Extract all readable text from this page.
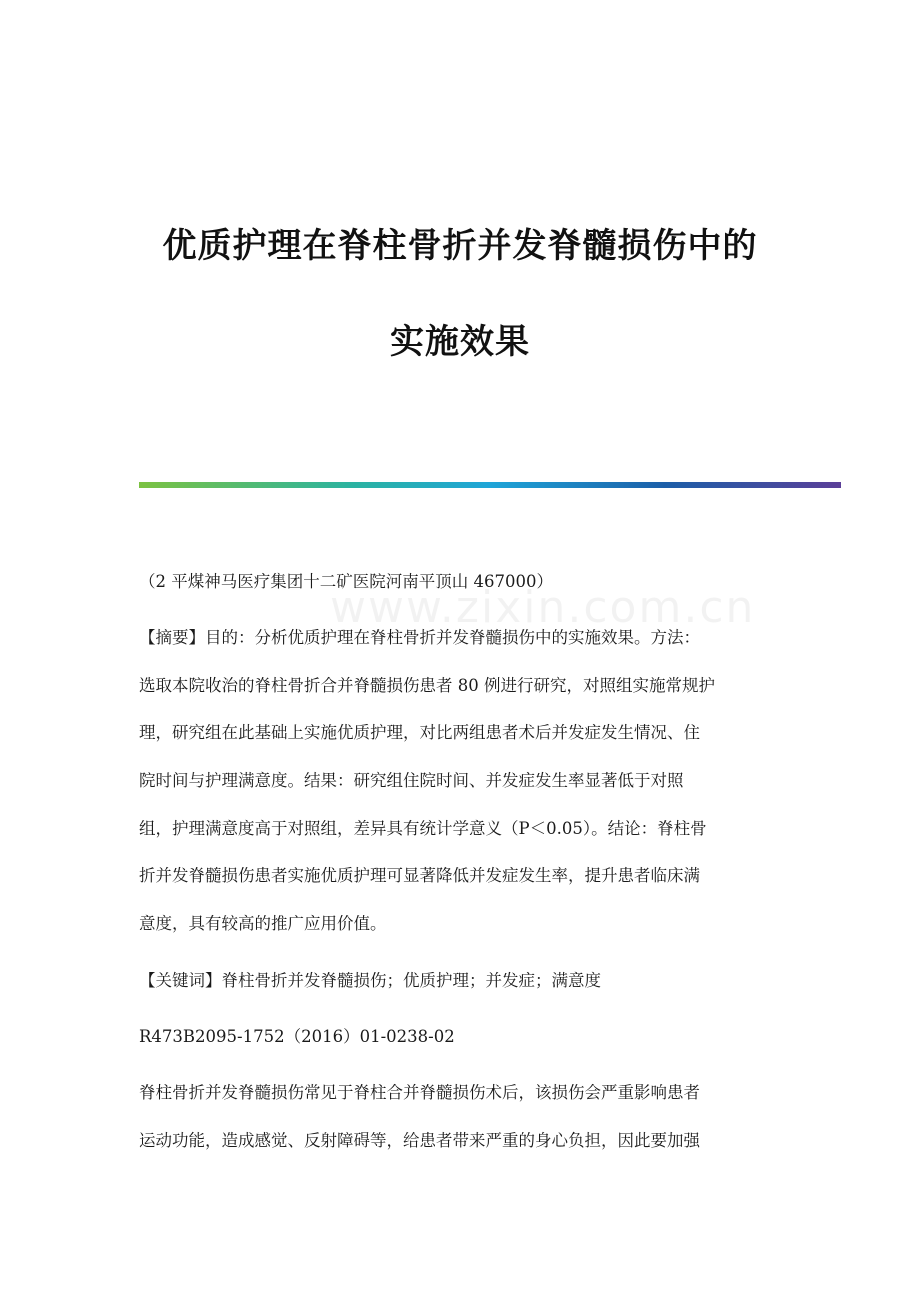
优质护理在脊柱骨折并发脊髓损伤中的
实施效果
www.zixin.com.cn
（2 平煤神马医疗集团十二矿医院河南平顶山 467000）
【摘要】目的：分析优质护理在脊柱骨折并发脊髓损伤中的实施效果。方法：
选取本院收治的脊柱骨折合并脊髓损伤患者 80 例进行研究，对照组实施常规护
理，研究组在此基础上实施优质护理，对比两组患者术后并发症发生情况、住
院时间与护理满意度。结果：研究组住院时间、并发症发生率显著低于对照
组，护理满意度高于对照组，差异具有统计学意义（P＜0.05）。结论：脊柱骨
折并发脊髓损伤患者实施优质护理可显著降低并发症发生率，提升患者临床满
意度，具有较高的推广应用价值。
【关键词】脊柱骨折并发脊髓损伤；优质护理；并发症；满意度
R473B2095-1752（2016）01-0238-02
脊柱骨折并发脊髓损伤常见于脊柱合并脊髓损伤术后，该损伤会严重影响患者
运动功能，造成感觉、反射障碍等，给患者带来严重的身心负担，因此要加强
